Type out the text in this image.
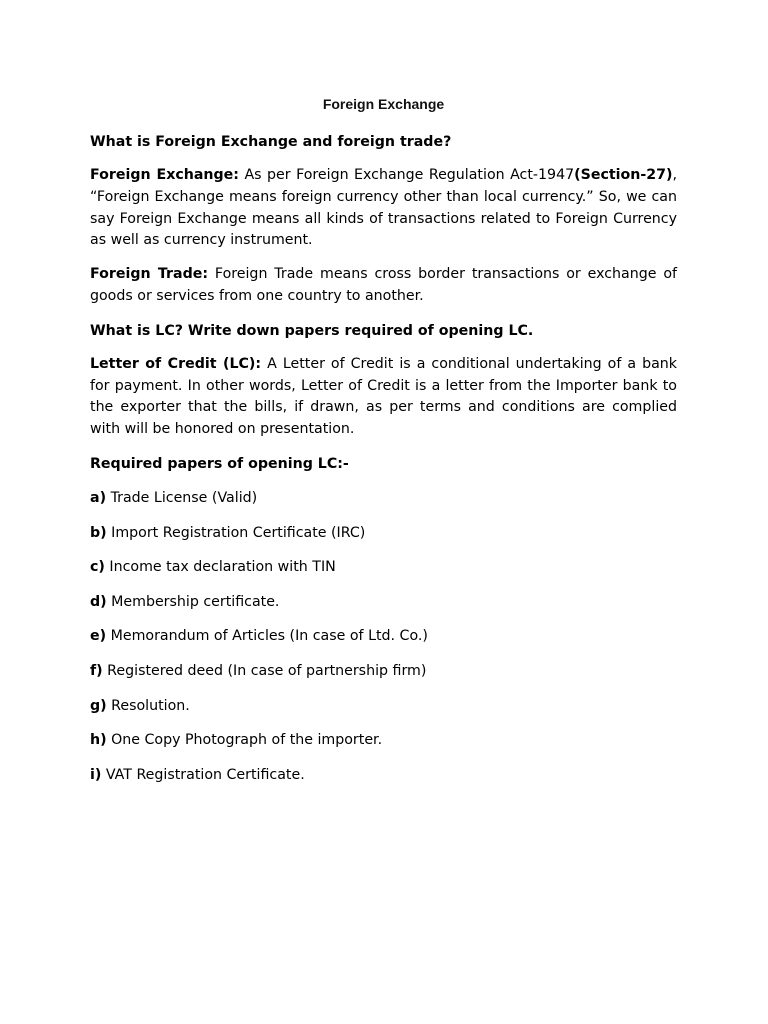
Foreign Exchange
What is Foreign Exchange and foreign trade?

Foreign Exchange: As per Foreign Exchange Regulation Act-1947(Section-27), “Foreign Exchange means foreign currency other than local currency.” So, we can say Foreign Exchange means all kinds of transactions related to Foreign Currency as well as currency instrument.

Foreign Trade: Foreign Trade means cross border transactions or exchange of goods or services from one country to another.

What is LC? Write down papers required of opening LC.

Letter of Credit (LC): A Letter of Credit is a conditional undertaking of a bank for payment. In other words, Letter of Credit is a letter from the Importer bank to the exporter that the bills, if drawn, as per terms and conditions are complied with will be honored on presentation.

Required papers of opening LC:-
a) Trade License (Valid)
b) Import Registration Certificate (IRC)
c) Income tax declaration with TIN
d) Membership certificate.
e) Memorandum of Articles (In case of Ltd. Co.)
f) Registered deed (In case of partnership firm)
g) Resolution.
h) One Copy Photograph of the importer.
i) VAT Registration Certificate.
